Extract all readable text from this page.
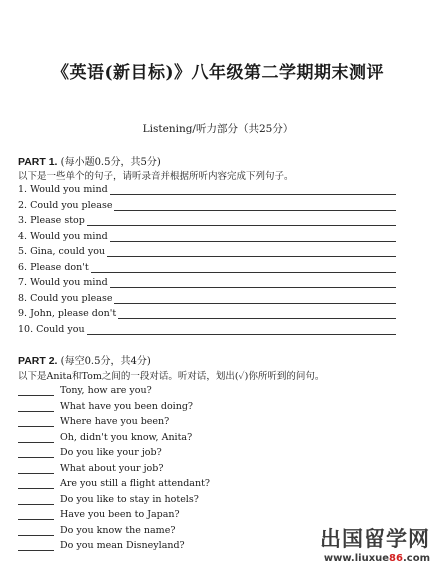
《英语(新目标)》八年级第二学期期末测评
Listening/听力部分（共25分）
PART 1. (每小题0.5分，共5分)
以下是一些单个的句子，请听录音并根据所听内容完成下列句子。
1. Would you mind
2. Could you please
3. Please stop
4. Would you mind
5. Gina, could you
6. Please don't
7. Would you mind
8. Could you please
9. John, please don't
10. Could you
PART 2. (每空0.5分，共4分)
以下是Anita和Tom之间的一段对话。听对话，划出(✓)你所听到的问句。
Tony, how are you?
What have you been doing?
Where have you been?
Oh, didn't you know, Anita?
Do you like your job?
What about your job?
Are you still a flight attendant?
Do you like to stay in hotels?
Have you been to Japan?
Do you know the name?
Do you mean Disneyland?	出国留学网
www.liuxue86.com
